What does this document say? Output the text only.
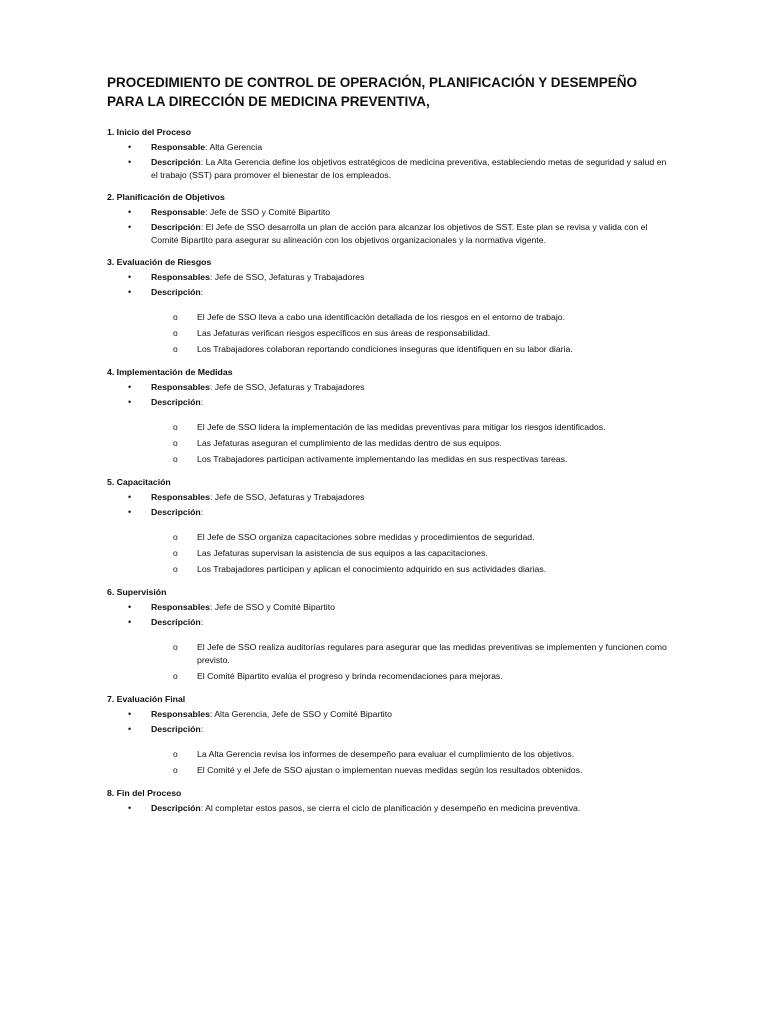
PROCEDIMIENTO DE CONTROL DE OPERACIÓN, PLANIFICACIÓN Y DESEMPEÑO PARA LA DIRECCIÓN DE MEDICINA PREVENTIVA,
1. Inicio del Proceso
• Responsable: Alta Gerencia
• Descripción: La Alta Gerencia define los objetivos estratégicos de medicina preventiva, estableciendo metas de seguridad y salud en el trabajo (SST) para promover el bienestar de los empleados.
2. Planificación de Objetivos
• Responsable: Jefe de SSO y Comité Bipartito
• Descripción: El Jefe de SSO desarrolla un plan de acción para alcanzar los objetivos de SST. Este plan se revisa y valida con el Comité Bipartito para asegurar su alineación con los objetivos organizacionales y la normativa vigente.
3. Evaluación de Riesgos
• Responsables: Jefe de SSO, Jefaturas y Trabajadores
• Descripción:
o El Jefe de SSO lleva a cabo una identificación detallada de los riesgos en el entorno de trabajo.
o Las Jefaturas verifican riesgos específicos en sus áreas de responsabilidad.
o Los Trabajadores colaboran reportando condiciones inseguras que identifiquen en su labor diaria.
4. Implementación de Medidas
• Responsables: Jefe de SSO, Jefaturas y Trabajadores
• Descripción:
o El Jefe de SSO lidera la implementación de las medidas preventivas para mitigar los riesgos identificados.
o Las Jefaturas aseguran el cumplimiento de las medidas dentro de sus equipos.
o Los Trabajadores participan activamente implementando las medidas en sus respectivas tareas.
5. Capacitación
• Responsables: Jefe de SSO, Jefaturas y Trabajadores
• Descripción:
o El Jefe de SSO organiza capacitaciones sobre medidas y procedimientos de seguridad.
o Las Jefaturas supervisan la asistencia de sus equipos a las capacitaciones.
o Los Trabajadores participan y aplican el conocimiento adquirido en sus actividades diarias.
6. Supervisión
• Responsables: Jefe de SSO y Comité Bipartito
• Descripción:
o El Jefe de SSO realiza auditorías regulares para asegurar que las medidas preventivas se implementen y funcionen como previsto.
o El Comité Bipartito evalúa el progreso y brinda recomendaciones para mejoras.
7. Evaluación Final
• Responsables: Alta Gerencia, Jefe de SSO y Comité Bipartito
• Descripción:
o La Alta Gerencia revisa los informes de desempeño para evaluar el cumplimiento de los objetivos.
o El Comité y el Jefe de SSO ajustan o implementan nuevas medidas según los resultados obtenidos.
8. Fin del Proceso
• Descripción: Al completar estos pasos, se cierra el ciclo de planificación y desempeño en medicina preventiva.
